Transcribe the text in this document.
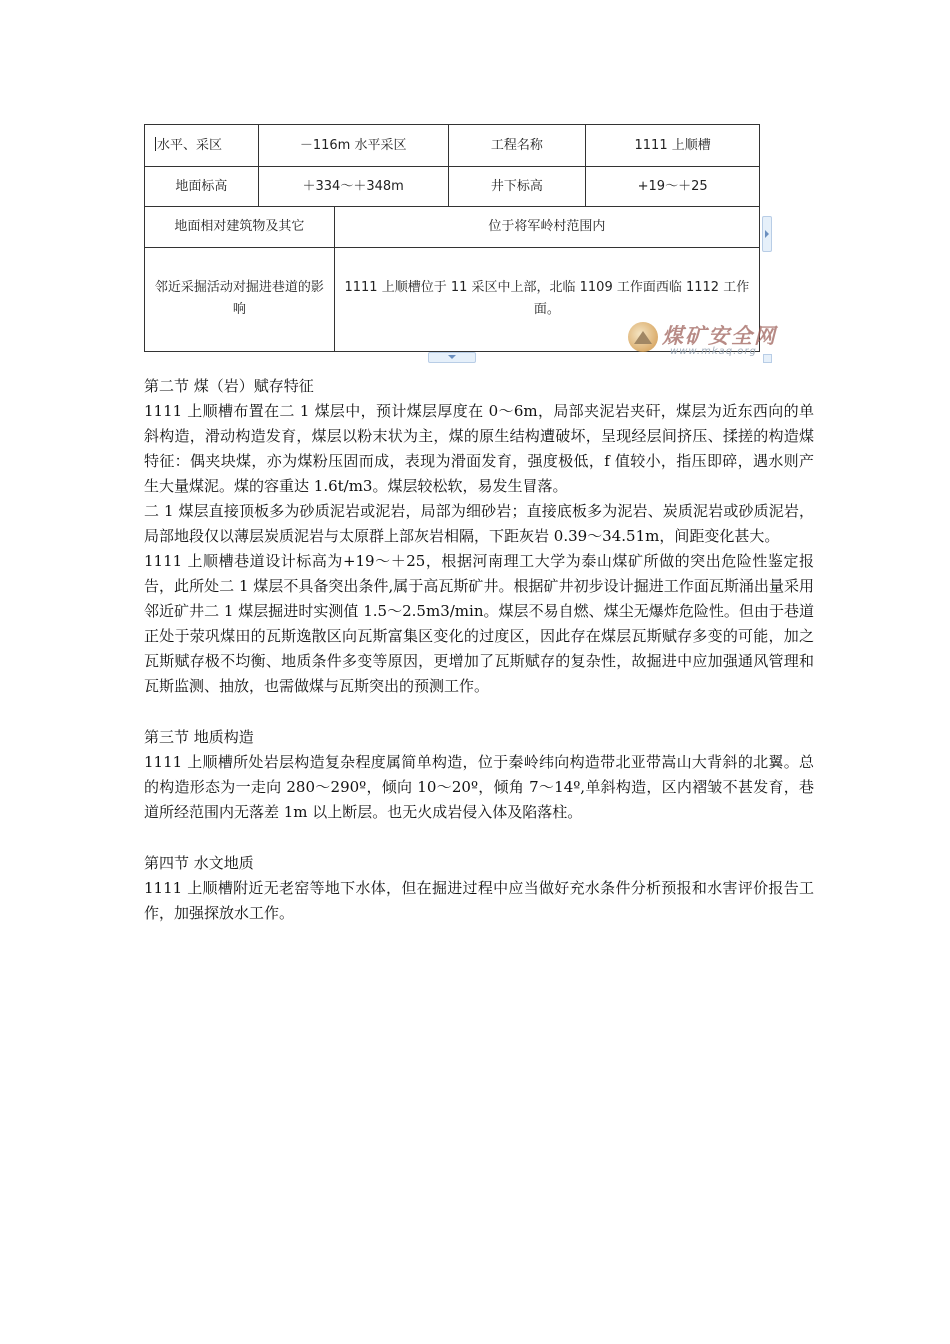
水平、采区	－116m 水平采区		工程名称	1111 上顺槽
地面标高	＋334～＋348m		井下标高	+19～＋25
地面相对建筑物及其它		位于将军岭村范围内		
邻近采掘活动对掘进巷道的影响		1111 上顺槽位于 11 采区中上部，北临 1109 工作面西临 1112 工作面。		
煤矿安全网
www.mkaq.org

第二节 煤（岩）赋存特征

1111 上顺槽布置在二 1 煤层中，预计煤层厚度在 0～6m，局部夹泥岩夹矸，煤层为近东西向的单斜构造，滑动构造发育，煤层以粉末状为主，煤的原生结构遭破坏，呈现经层间挤压、揉搓的构造煤特征：偶夹块煤，亦为煤粉压固而成，表现为滑面发育，强度极低，f 值较小，指压即碎，遇水则产生大量煤泥。煤的容重达 1.6t/m3。煤层较松软，易发生冒落。

二 1 煤层直接顶板多为砂质泥岩或泥岩，局部为细砂岩；直接底板多为泥岩、炭质泥岩或砂质泥岩，局部地段仅以薄层炭质泥岩与太原群上部灰岩相隔，下距灰岩 0.39～34.51m，间距变化甚大。

1111 上顺槽巷道设计标高为+19～＋25，根据河南理工大学为泰山煤矿所做的突出危险性鉴定报告，此所处二 1 煤层不具备突出条件,属于高瓦斯矿井。根据矿井初步设计掘进工作面瓦斯涌出量采用邻近矿井二 1 煤层掘进时实测值 1.5～2.5m3/min。煤层不易自燃、煤尘无爆炸危险性。但由于巷道正处于荥巩煤田的瓦斯逸散区向瓦斯富集区变化的过度区，因此存在煤层瓦斯赋存多变的可能，加之瓦斯赋存极不均衡、地质条件多变等原因，更增加了瓦斯赋存的复杂性，故掘进中应加强通风管理和瓦斯监测、抽放，也需做煤与瓦斯突出的预测工作。

第三节 地质构造

1111 上顺槽所处岩层构造复杂程度属简单构造，位于秦岭纬向构造带北亚带嵩山大背斜的北翼。总的构造形态为一走向 280～290º，倾向 10～20º，倾角 7～14º,单斜构造，区内褶皱不甚发育，巷道所经范围内无落差 1m 以上断层。也无火成岩侵入体及陷落柱。

第四节 水文地质

1111 上顺槽附近无老窑等地下水体，但在掘进过程中应当做好充水条件分析预报和水害评价报告工作，加强探放水工作。
